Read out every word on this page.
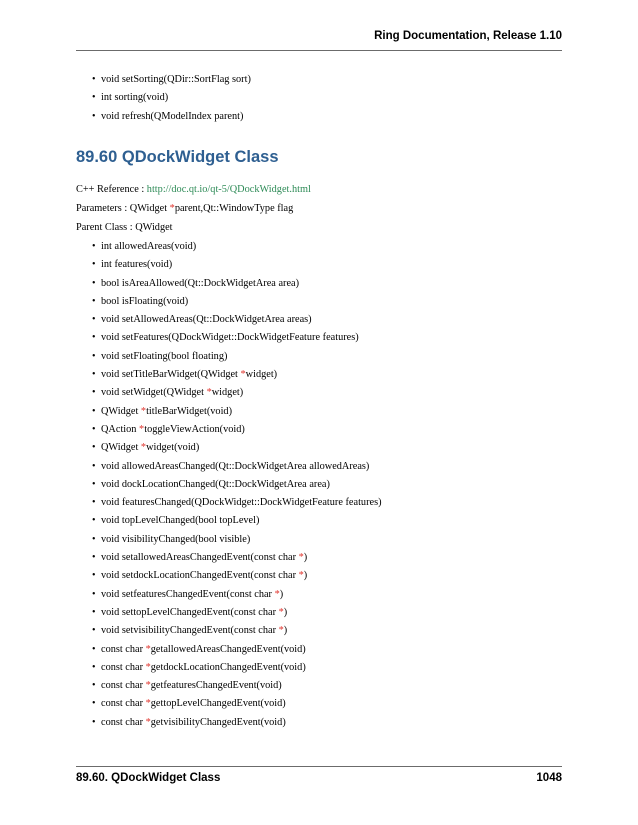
Ring Documentation, Release 1.10
• void setSorting(QDir::SortFlag sort)
• int sorting(void)
• void refresh(QModelIndex parent)
89.60 QDockWidget Class
C++ Reference : http://doc.qt.io/qt-5/QDockWidget.html
Parameters : QWidget *parent,Qt::WindowType flag
Parent Class : QWidget
• int allowedAreas(void)
• int features(void)
• bool isAreaAllowed(Qt::DockWidgetArea area)
• bool isFloating(void)
• void setAllowedAreas(Qt::DockWidgetArea areas)
• void setFeatures(QDockWidget::DockWidgetFeature features)
• void setFloating(bool floating)
• void setTitleBarWidget(QWidget *widget)
• void setWidget(QWidget *widget)
• QWidget *titleBarWidget(void)
• QAction *toggleViewAction(void)
• QWidget *widget(void)
• void allowedAreasChanged(Qt::DockWidgetArea allowedAreas)
• void dockLocationChanged(Qt::DockWidgetArea area)
• void featuresChanged(QDockWidget::DockWidgetFeature features)
• void topLevelChanged(bool topLevel)
• void visibilityChanged(bool visible)
• void setallowedAreasChangedEvent(const char *)
• void setdockLocationChangedEvent(const char *)
• void setfeaturesChangedEvent(const char *)
• void settopLevelChangedEvent(const char *)
• void setvisibilityChangedEvent(const char *)
• const char *getallowedAreasChangedEvent(void)
• const char *getdockLocationChangedEvent(void)
• const char *getfeaturesChangedEvent(void)
• const char *gettopLevelChangedEvent(void)
• const char *getvisibilityChangedEvent(void)
89.60. QDockWidget Class	1048
